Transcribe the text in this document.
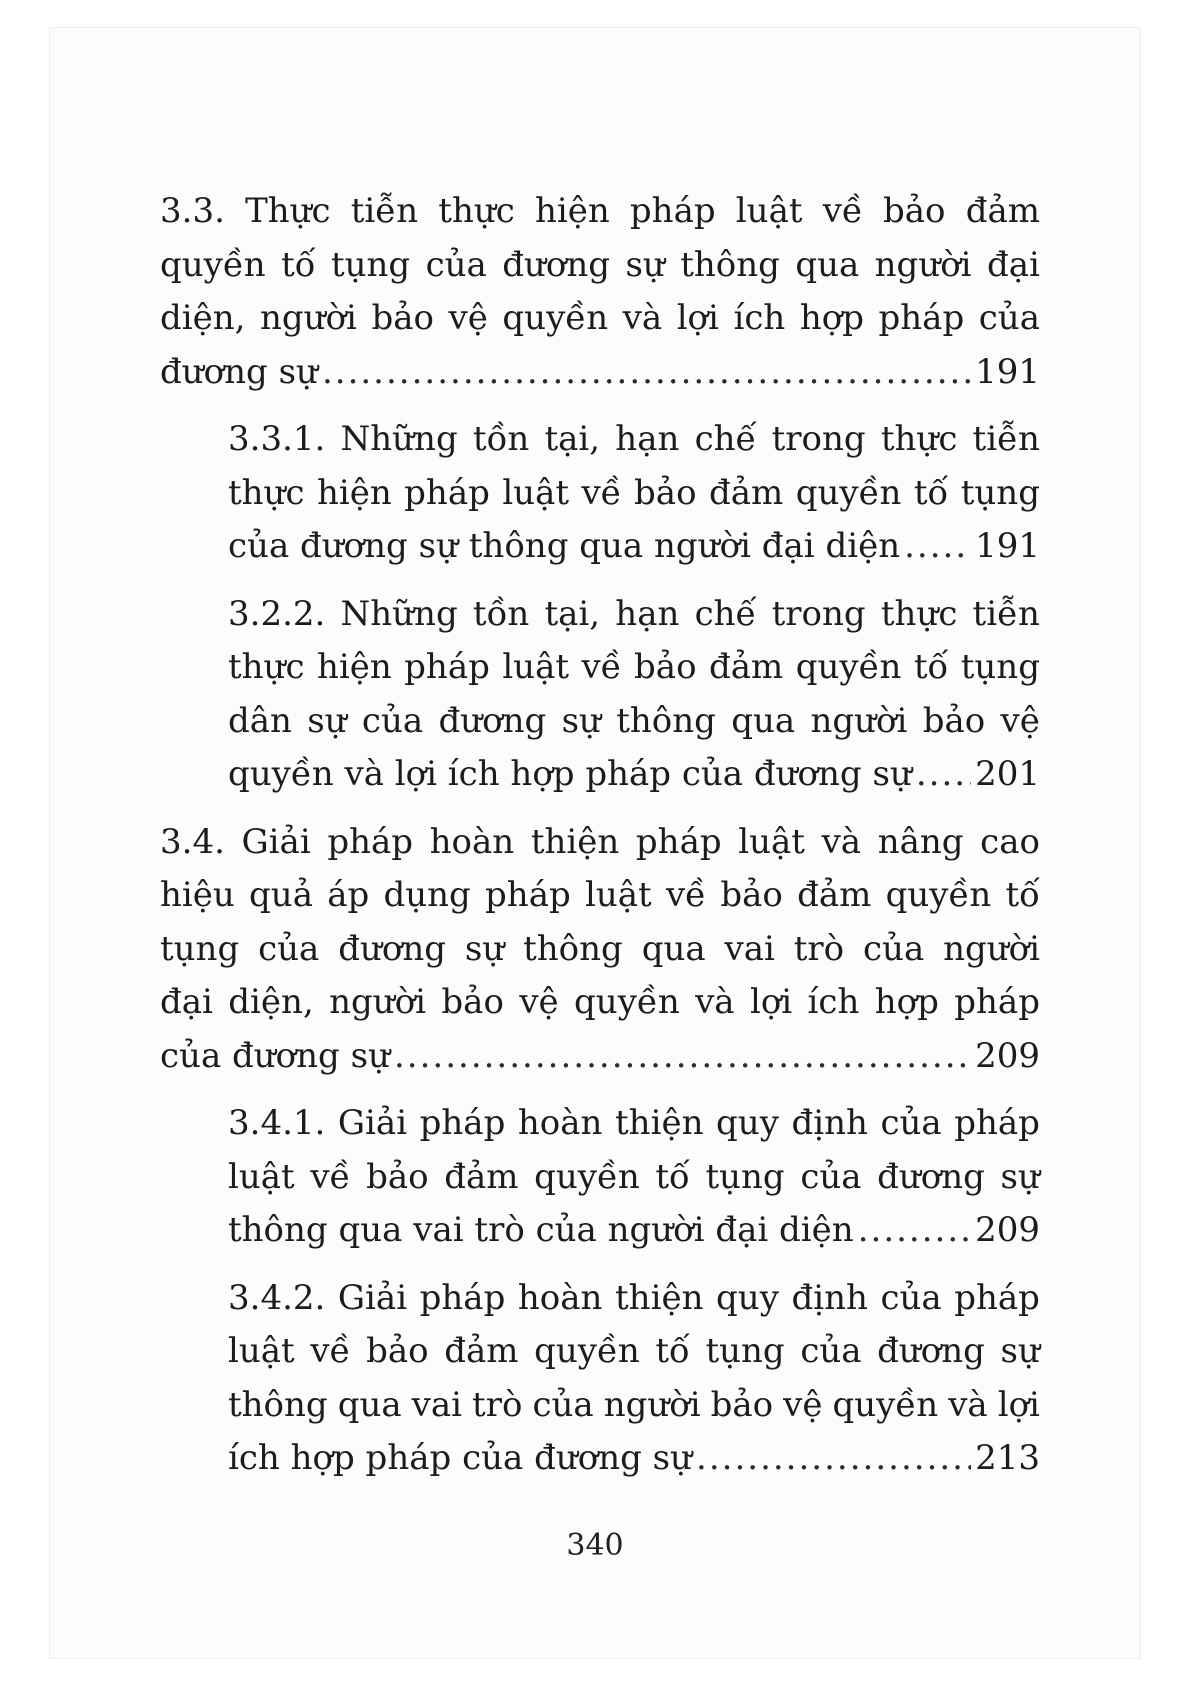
3.3. Thực tiễn thực hiện pháp luật về bảo đảm
quyền tố tụng của đương sự thông qua người đại
diện, người bảo vệ quyền và lợi ích hợp pháp của
đương sự .....	191
3.3.1. Những tồn tại, hạn chế trong thực tiễn
thực hiện pháp luật về bảo đảm quyền tố tụng
của đương sự thông qua người đại diện ..... 191
3.2.2. Những tồn tại, hạn chế trong thực tiễn
thực hiện pháp luật về bảo đảm quyền tố tụng
dân sự của đương sự thông qua người bảo vệ
quyền và lợi ích hợp pháp của đương sự ..... 201
3.4. Giải pháp hoàn thiện pháp luật và nâng cao
hiệu quả áp dụng pháp luật về bảo đảm quyền tố
tụng của đương sự thông qua vai trò của người
đại diện, người bảo vệ quyền và lợi ích hợp pháp
của đương sự .....	209
3.4.1. Giải pháp hoàn thiện quy định của pháp
luật về bảo đảm quyền tố tụng của đương sự
thông qua vai trò của người đại diện .....	209
3.4.2. Giải pháp hoàn thiện quy định của pháp
luật về bảo đảm quyền tố tụng của đương sự
thông qua vai trò của người bảo vệ quyền và lợi
ích hợp pháp của đương sự .....	213
340
